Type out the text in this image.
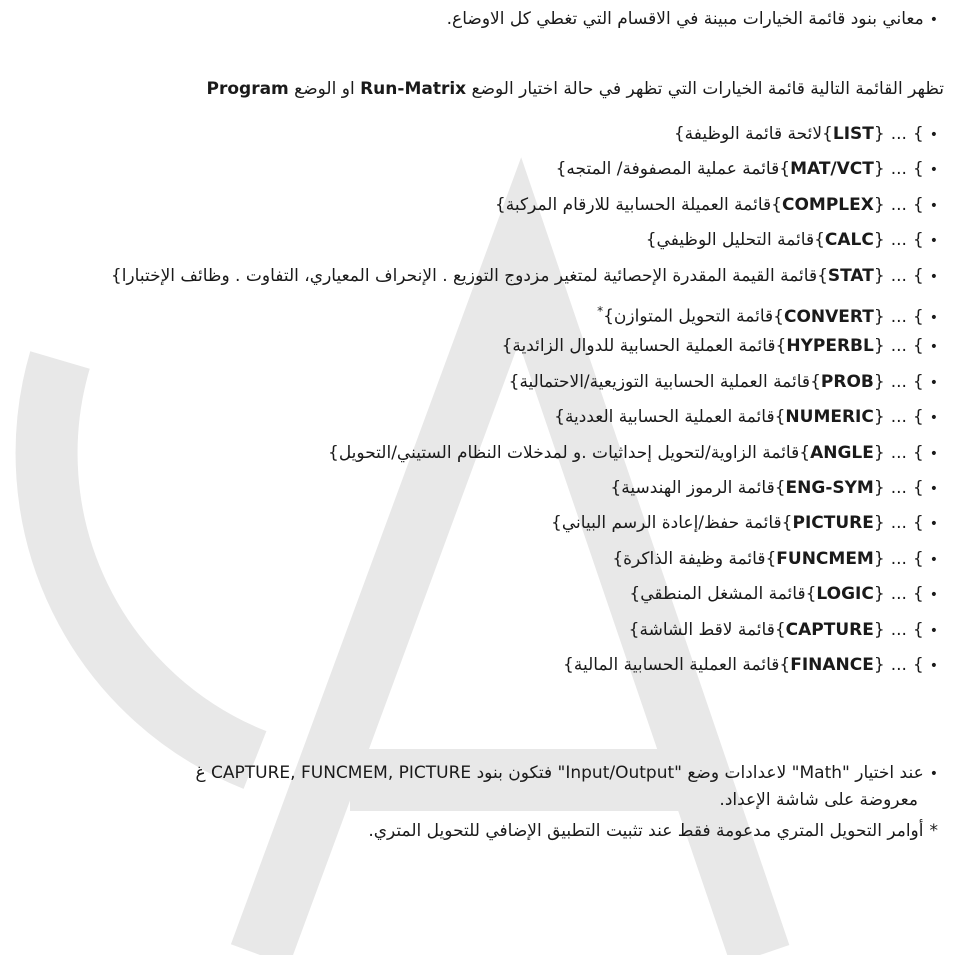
•معاني بنود قائمة الخيارات مبينة في الاقسام التي تغطي كل الاوضاع.
تظهر القائمة التالية قائمة الخيارات التي تظهر في حالة اختيار الوضع Run-Matrix او الوضع Program
•{LIST} ... {لائحة قائمة الوظيفة}
•{MAT/VCT} ... {قائمة عملية المصفوفة/ المتجه}
•{COMPLEX} ... {قائمة العميلة الحسابية للارقام المركبة}
•{CALC} ... {قائمة التحليل الوظيفي}
•{STAT} ... {قائمة القيمة المقدرة الإحصائية لمتغير مزدوج التوزيع . الإنحراف المعياري، التفاوت . وظائف الإختبارا}
•{CONVERT} ... {قائمة التحويل المتوازن}*
•{HYPERBL} ... {قائمة العملية الحسابية للدوال الزائدية}
•{PROB} ... {قائمة العملية الحسابية التوزيعية/الاحتمالية}
•{NUMERIC} ... {قائمة العملية الحسابية العددية}
•{ANGLE} ... {قائمة الزاوية/لتحويل إحداثيات .و لمدخلات النظام الستيني/التحويل}
•{ENG-SYM} ... {قائمة الرموز الهندسية}
•{PICTURE} ... {قائمة حفظ/إعادة الرسم البياني}
•{FUNCMEM} ... {قائمة وظيفة الذاكرة}
•{LOGIC} ... {قائمة المشغل المنطقي}
•{CAPTURE} ... {قائمة لاقط الشاشة}
•{FINANCE} ... {قائمة العملية الحسابية المالية}
•عند اختيار "Math" لاعدادات وضع "Input/Output" فتكون بنود CAPTURE, FUNCMEM, PICTURE غ
معروضة على شاشة الإعداد.
*أوامر التحويل المتري مدعومة فقط عند تثبيت التطبيق الإضافي للتحويل المتري.
